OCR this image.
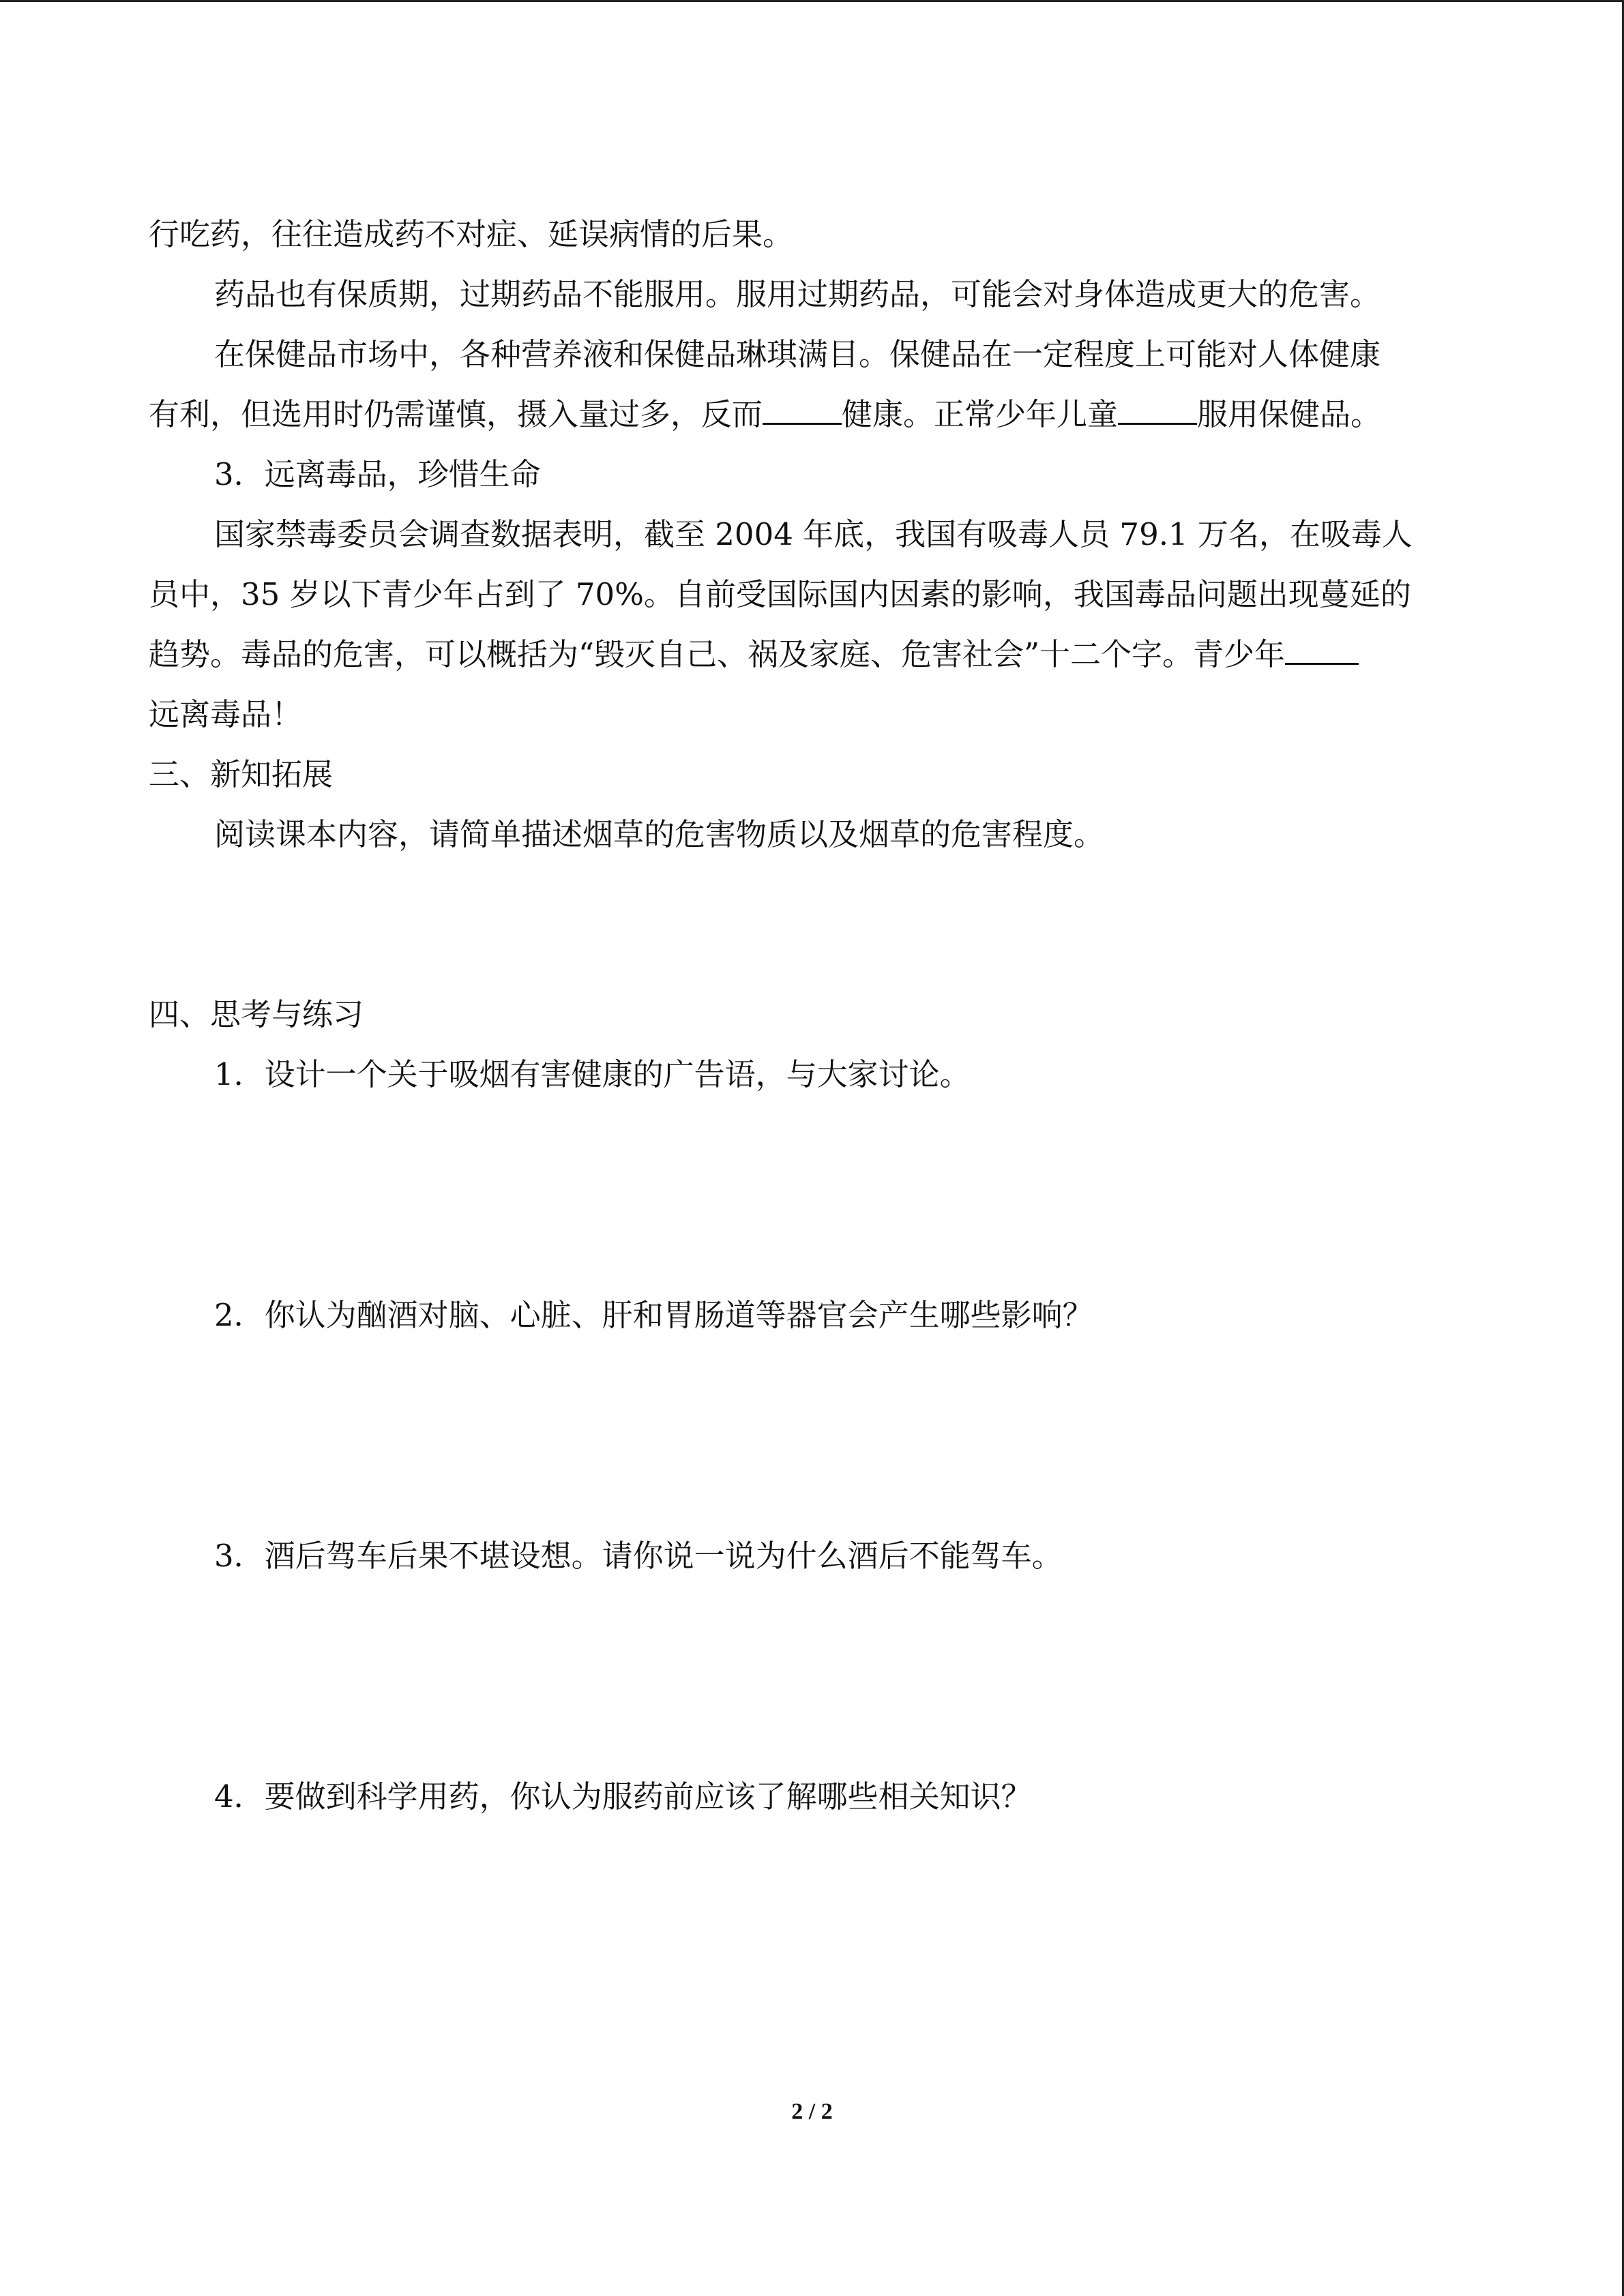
行吃药，往往造成药不对症、延误病情的后果。
药品也有保质期，过期药品不能服用。服用过期药品，可能会对身体造成更大的危害。
在保健品市场中，各种营养液和保健品琳琪满目。保健品在一定程度上可能对人体健康
有利，但选用时仍需谨慎，摄入量过多，反而	健康。正常少年儿童	服用保健品。
3．远离毒品，珍惜生命
国家禁毒委员会调查数据表明，截至 2004 年底，我国有吸毒人员 79.1 万名，在吸毒人
员中，35 岁以下青少年占到了 70%。自前受国际国内因素的影响，我国毒品问题出现蔓延的
趋势。毒品的危害，可以概括为“毁灭自己、祸及家庭、危害社会”十二个字。青少年
远离毒品！
三、新知拓展
阅读课本内容，请简单描述烟草的危害物质以及烟草的危害程度。
四、思考与练习
1．设计一个关于吸烟有害健康的广告语，与大家讨论。
2．你认为酗酒对脑、心脏、肝和胃肠道等器官会产生哪些影响？
3．酒后驾车后果不堪设想。请你说一说为什么酒后不能驾车。
4．要做到科学用药，你认为服药前应该了解哪些相关知识？
2 / 2
